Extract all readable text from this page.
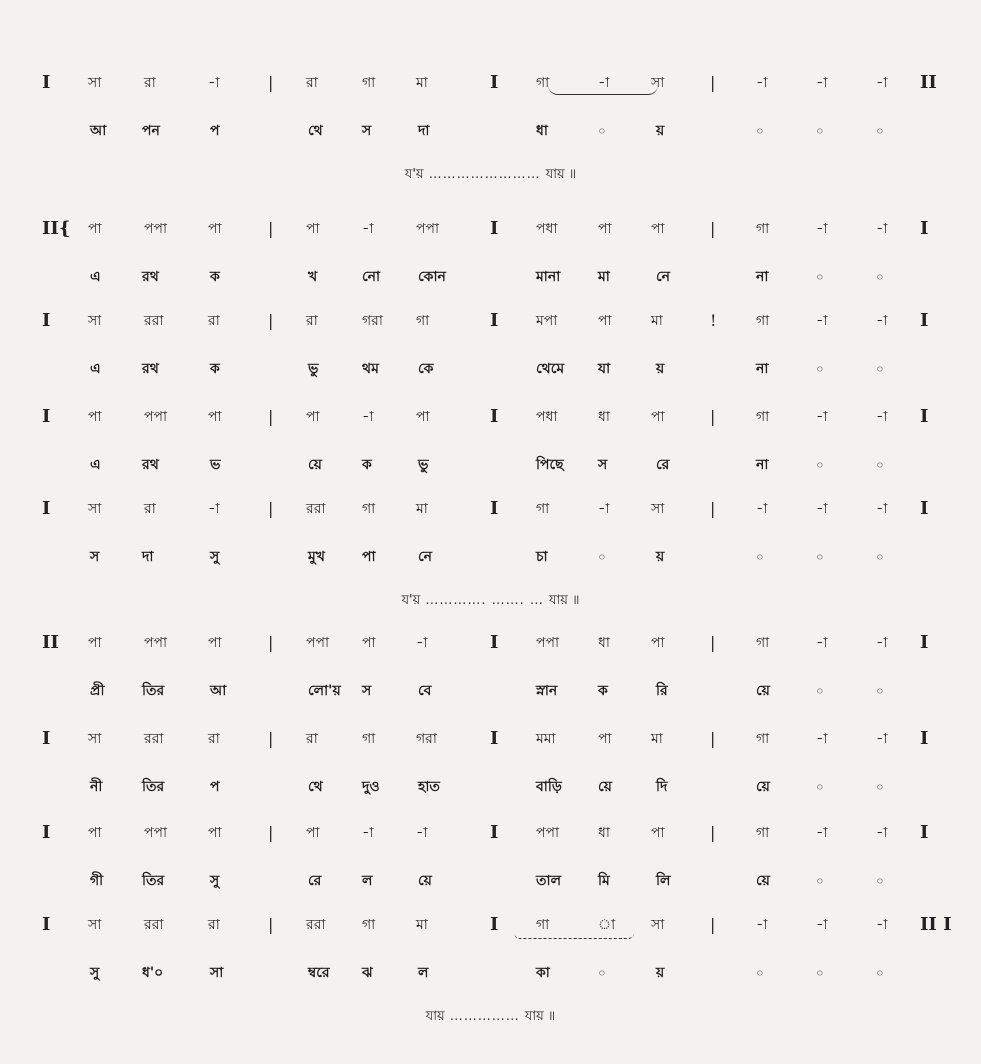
I	সা	রা	-া	| রা	গা	মা	I	গা	-া	সা	|	-া	-া	-া II
আ	পন	প	থে	স	দা	ধা	০	য়	০	০	০
য'য় …………………… যায় ॥
II{ পা	পপা	পা	| পা	-া	পপা	I	পধা	পা	পা	|	গা	-া	-া I
এ	রথ	ক	খ	নো	কোন	মানা	মা	নে	না	০	০
I	সা	ররা	রা	| রা	গরা গা	I	মপা	পা	মা	!	গা	-া	-া I
এ	রথ	ক	ভু	থম	কে	থেমে যা	য়	না	০	০
I	পা	পপা	পা	| পা	-া	পা	I	পধা	ধা	পা	|	গা	-া	-া I
এ	রথ	ভ	য়ে	ক	ভু	পিছে স	রে	না	০	০
I	সা	রা	-া	| ররা	গা	মা	I	গা	-া	সা	|	-া	-া	-া I
স	দা	সু	মুখ	পা	নে	চা	০	য়	০	০	০
য'য় …………. ……. … যায় ॥
II পা	পপা	পা	| পপা পা	-া	I	পপা	ধা	পা	|	গা	-া	-া I
প্রী	তির	আ	লো'য় স	বে	স্নান	ক	রি	য়ে	০	০
I	সা	ররা	রা	| রা	গা	গরা	I	মমা	পা	মা	|	গা	-া	-া I
নী	তির	প	থে	দুও	হাত	বাড়ি	য়ে	দি	য়ে	০	০
I	পা	পপা	পা	| পা	-া	-া	I	পপা	ধা	পা	|	গা	-া	-া I
গী	তির	সু	রে	ল	য়ে	তাল	মি	লি	য়ে	০	০
I	সা	ররা	রা	| ররা	গা	মা	I	গা	া	সা	|	-া	-া	-া II I
সু	ধ'০	সা	ম্বরে ঝ	ল	কা	০	য়	০	০	০
যায় …………… যায় ॥
